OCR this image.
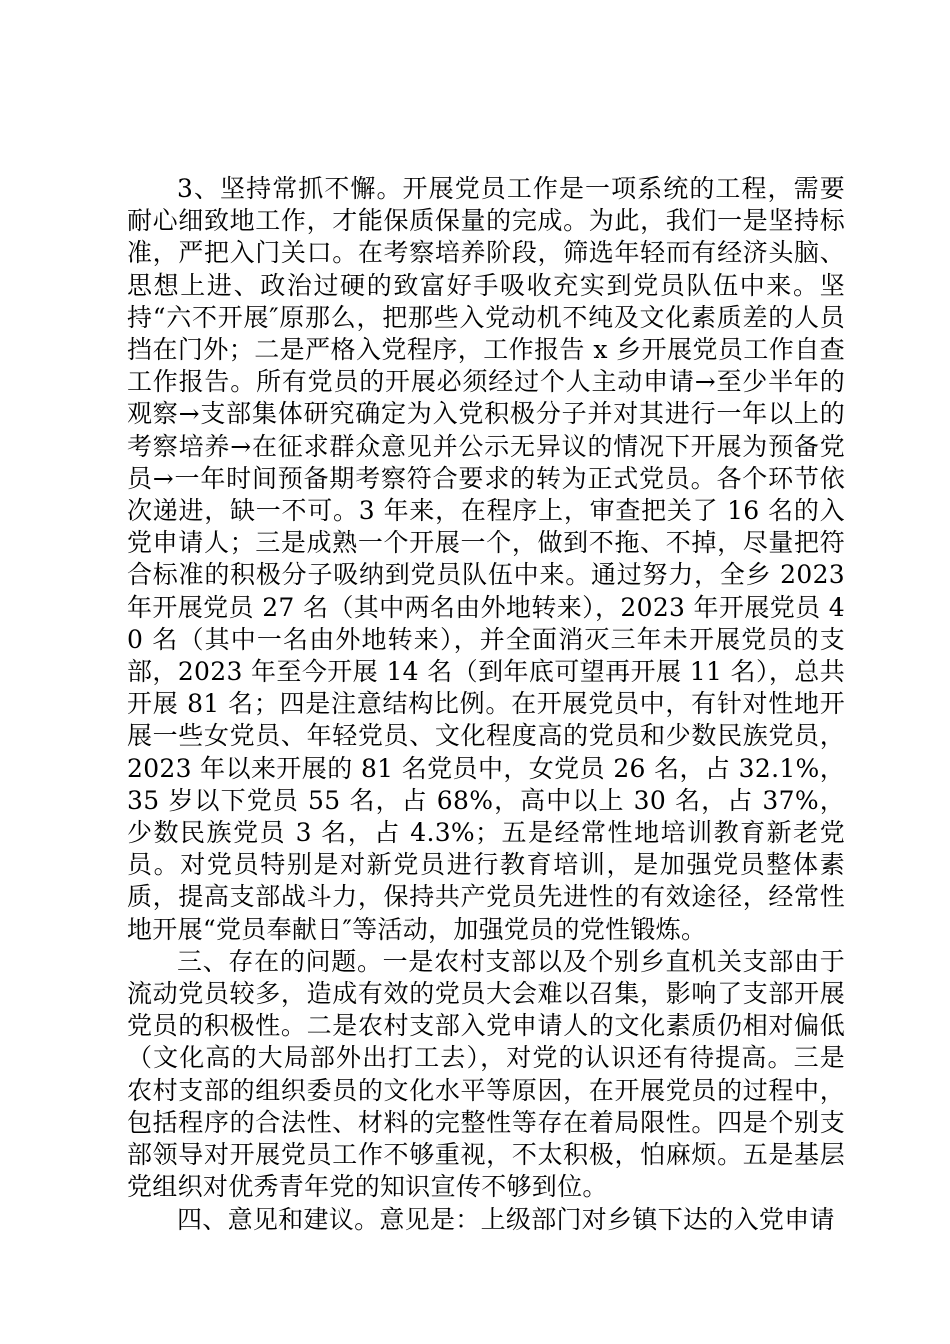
3、坚持常抓不懈。开展党员工作是一项系统的工程，需要耐心细致地工作，才能保质保量的完成。为此，我们一是坚持标准，严把入门关口。在考察培养阶段，筛选年轻而有经济头脑、思想上进、政治过硬的致富好手吸收充实到党员队伍中来。坚持“六不开展″原那么，把那些入党动机不纯及文化素质差的人员挡在门外；二是严格入党程序，工作报告 x 乡开展党员工作自查工作报告。所有党员的开展必须经过个人主动申请→至少半年的观察→支部集体研究确定为入党积极分子并对其进行一年以上的考察培养→在征求群众意见并公示无异议的情况下开展为预备党员→一年时间预备期考察符合要求的转为正式党员。各个环节依次递进，缺一不可。3 年来，在程序上，审查把关了 16 名的入党申请人；三是成熟一个开展一个，做到不拖、不掉，尽量把符合标准的积极分子吸纳到党员队伍中来。通过努力，全乡 2023 年开展党员 27 名（其中两名由外地转来），2023 年开展党员 40 名（其中一名由外地转来），并全面消灭三年未开展党员的支部，2023 年至今开展 14 名（到年底可望再开展 11 名），总共开展 81 名；四是注意结构比例。在开展党员中，有针对性地开展一些女党员、年轻党员、文化程度高的党员和少数民族党员，2023 年以来开展的 81 名党员中，女党员 26 名，占 32.1%，35 岁以下党员 55 名，占 68%，高中以上 30 名，占 37%，少数民族党员 3 名，占 4.3%；五是经常性地培训教育新老党员。对党员特别是对新党员进行教育培训，是加强党员整体素质，提高支部战斗力，保持共产党员先进性的有效途径，经常性地开展“党员奉献日″等活动，加强党员的党性锻炼。

三、存在的问题。一是农村支部以及个别乡直机关支部由于流动党员较多，造成有效的党员大会难以召集，影响了支部开展党员的积极性。二是农村支部入党申请人的文化素质仍相对偏低（文化高的大局部外出打工去），对党的认识还有待提高。三是农村支部的组织委员的文化水平等原因，在开展党员的过程中，包括程序的合法性、材料的完整性等存在着局限性。四是个别支部领导对开展党员工作不够重视，不太积极，怕麻烦。五是基层党组织对优秀青年党的知识宣传不够到位。

四、意见和建议。意见是：上级部门对乡镇下达的入党申请
